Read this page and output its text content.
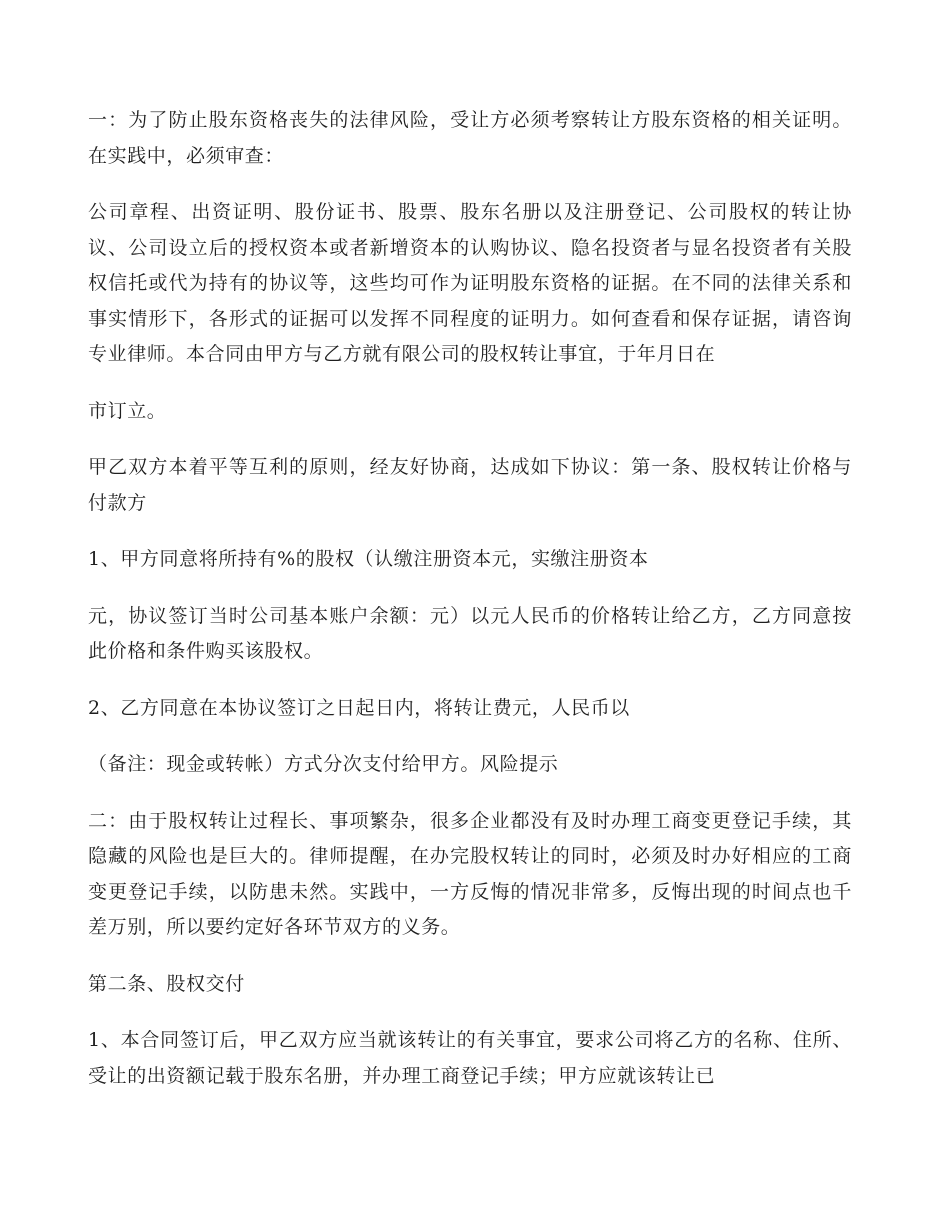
一：为了防止股东资格丧失的法律风险，受让方必须考察转让方股东资格的相关证明。在实践中，必须审查：

公司章程、出资证明、股份证书、股票、股东名册以及注册登记、公司股权的转让协议、公司设立后的授权资本或者新增资本的认购协议、隐名投资者与显名投资者有关股权信托或代为持有的协议等，这些均可作为证明股东资格的证据。在不同的法律关系和事实情形下，各形式的证据可以发挥不同程度的证明力。如何查看和保存证据，请咨询专业律师。本合同由甲方与乙方就有限公司的股权转让事宜，于年月日在

市订立。

甲乙双方本着平等互利的原则，经友好协商，达成如下协议：第一条、股权转让价格与付款方

1、甲方同意将所持有%的股权（认缴注册资本元，实缴注册资本

元，协议签订当时公司基本账户余额：元）以元人民币的价格转让给乙方，乙方同意按此价格和条件购买该股权。

2、乙方同意在本协议签订之日起日内，将转让费元，人民币以

（备注：现金或转帐）方式分次支付给甲方。风险提示

二：由于股权转让过程长、事项繁杂，很多企业都没有及时办理工商变更登记手续，其隐藏的风险也是巨大的。律师提醒，在办完股权转让的同时，必须及时办好相应的工商变更登记手续，以防患未然。实践中，一方反悔的情况非常多，反悔出现的时间点也千差万别，所以要约定好各环节双方的义务。

第二条、股权交付

1、本合同签订后，甲乙双方应当就该转让的有关事宜，要求公司将乙方的名称、住所、受让的出资额记载于股东名册，并办理工商登记手续；甲方应就该转让已
